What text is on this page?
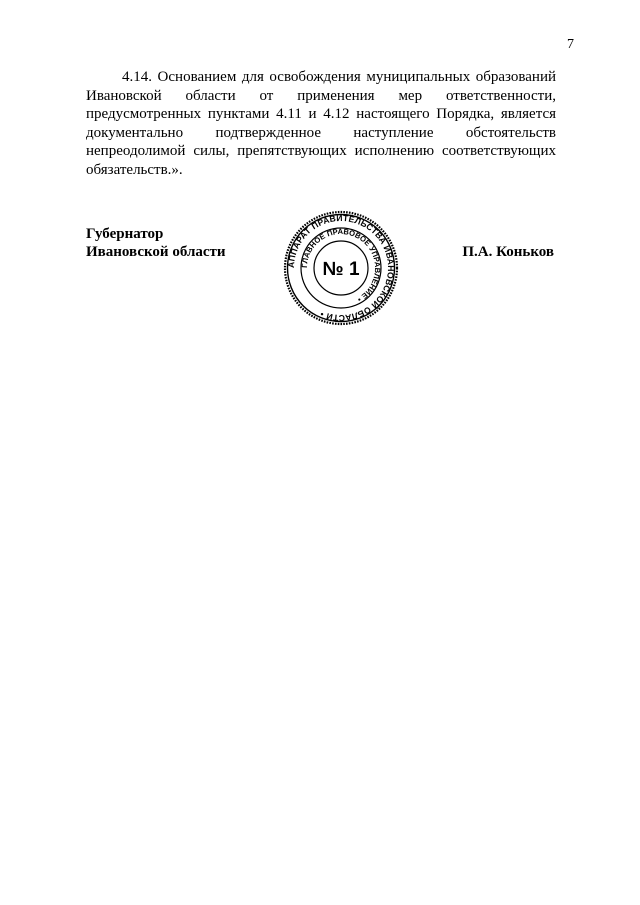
7

4.14. Основанием для освобождения муниципальных образований Ивановской области от применения мер ответственности, предусмотренных пунктами 4.11 и 4.12 настоящего Порядка, является документально подтвержденное наступление обстоятельств непреодолимой силы, препятствующих исполнению соответствующих обязательств.».

Губернатор
Ивановской области	П.А. Коньков
АППАРАТ ПРАВИТЕЛЬСТВА ИВАНОВСКОЙ ОБЛАСТИ •
ГЛАВНОЕ ПРАВОВОЕ УПРАВЛЕНИЕ •
№ 1
